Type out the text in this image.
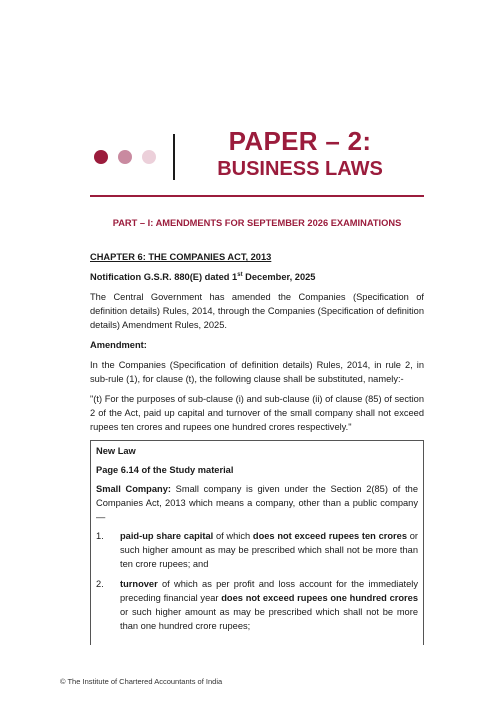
PAPER – 2:
BUSINESS LAWS
PART – I: AMENDMENTS FOR SEPTEMBER 2026 EXAMINATIONS

CHAPTER 6: THE COMPANIES ACT, 2013

Notification G.S.R. 880(E) dated 1st December, 2025

The Central Government has amended the Companies (Specification of definition details) Rules, 2014, through the Companies (Specification of definition details) Amendment Rules, 2025.

Amendment:

In the Companies (Specification of definition details) Rules, 2014, in rule 2, in sub-rule (1), for clause (t), the following clause shall be substituted, namely:-

"(t) For the purposes of sub-clause (i) and sub-clause (ii) of clause (85) of section 2 of the Act, paid up capital and turnover of the small company shall not exceed rupees ten crores and rupees one hundred crores respectively."

New Law

Page 6.14 of the Study material

Small Company: Small company is given under the Section 2(85) of the Companies Act, 2013 which means a company, other than a public company—

1.	paid-up share capital of which does not exceed rupees ten crores or such higher amount as may be prescribed which shall not be more than ten crore rupees; and
2.	turnover of which as per profit and loss account for the immediately preceding financial year does not exceed rupees one hundred crores or such higher amount as may be prescribed which shall not be more than one hundred crore rupees;
© The Institute of Chartered Accountants of India
